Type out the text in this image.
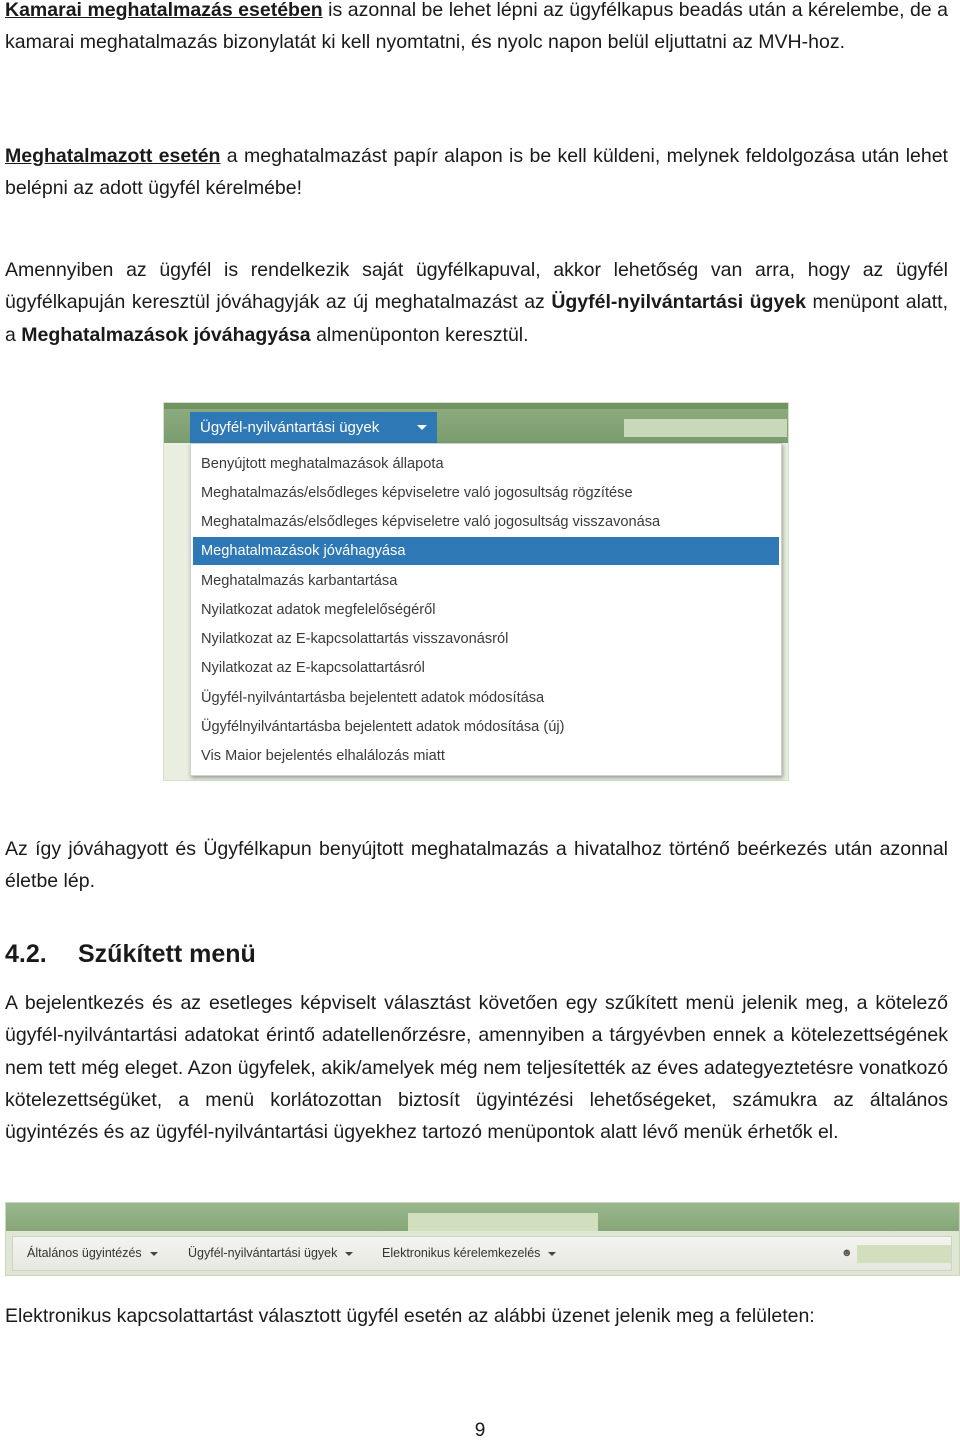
Kamarai meghatalmazás esetében is azonnal be lehet lépni az ügyfélkapus beadás után a kérelembe, de a kamarai meghatalmazás bizonylatát ki kell nyomtatni, és nyolc napon belül eljuttatni az MVH-hoz.

Meghatalmazott esetén a meghatalmazást papír alapon is be kell küldeni, melynek feldolgozása után lehet belépni az adott ügyfél kérelmébe!

Amennyiben az ügyfél is rendelkezik saját ügyfélkapuval, akkor lehetőség van arra, hogy az ügyfél ügyfélkapuján keresztül jóváhagyják az új meghatalmazást az Ügyfél-nyilvántartási ügyek menüpont alatt, a Meghatalmazások jóváhagyása almenüponton keresztül.

Ügyfél-nyilvántartási ügyek
Benyújtott meghatalmazások állapota
Meghatalmazás/elsődleges képviseletre való jogosultság rögzítése
Meghatalmazás/elsődleges képviseletre való jogosultság visszavonása
Meghatalmazások jóváhagyása
Meghatalmazás karbantartása
Nyilatkozat adatok megfelelőségéről
Nyilatkozat az E-kapcsolattartás visszavonásról
Nyilatkozat az E-kapcsolattartásról
Ügyfél-nyilvántartásba bejelentett adatok módosítása
Ügyfélnyilvántartásba bejelentett adatok módosítása (új)
Vis Maior bejelentés elhalálozás miatt

Az így jóváhagyott és Ügyfélkapun benyújtott meghatalmazás a hivatalhoz történő beérkezés után azonnal életbe lép.

4.2. Szűkített menü

A bejelentkezés és az esetleges képviselt választást követően egy szűkített menü jelenik meg, a kötelező ügyfél-nyilvántartási adatokat érintő adatellenőrzésre, amennyiben a tárgyévben ennek a kötelezettségének nem tett még eleget. Azon ügyfelek, akik/amelyek még nem teljesítették az éves adategyeztetésre vonatkozó kötelezettségüket, a menü korlátozottan biztosít ügyintézési lehetőségeket, számukra az általános ügyintézés és az ügyfél-nyilvántartási ügyekhez tartozó menüpontok alatt lévő menük érhetők el.

Általános ügyintézés	Ügyfél-nyilvántartási ügyek	Elektronikus kérelemkezelés	☻

Elektronikus kapcsolattartást választott ügyfél esetén az alábbi üzenet jelenik meg a felületen:

9
